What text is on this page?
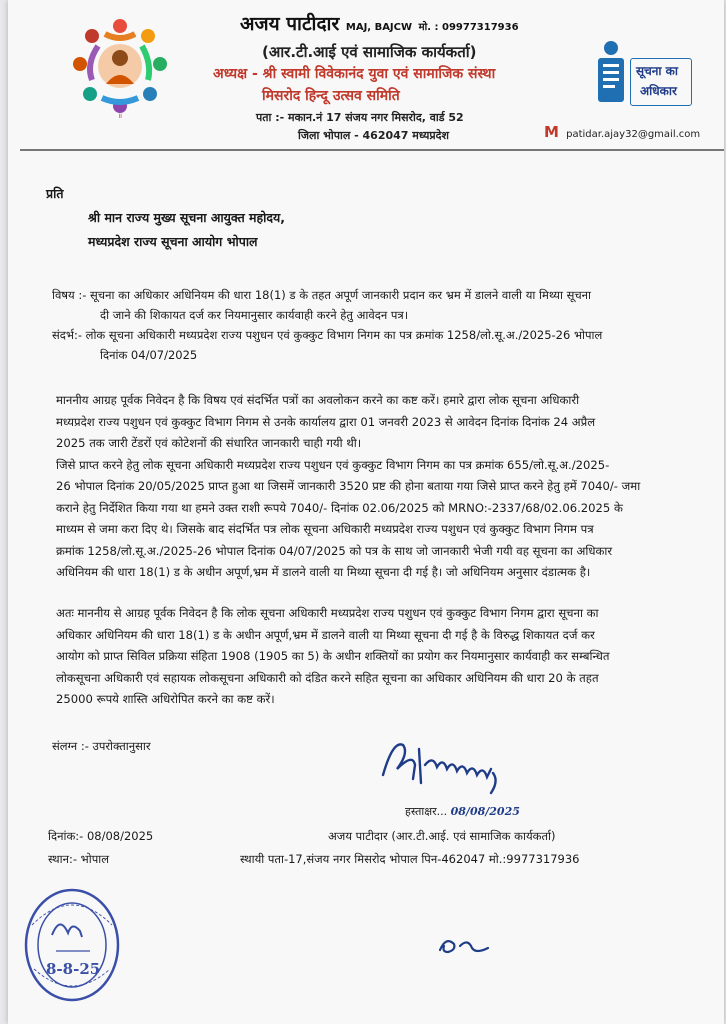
॥
अजय पाटीदार MAJ, BAJCW मो. : 09977317936
(आर.टी.आई एवं सामाजिक कार्यकर्ता)
अध्यक्ष - श्री स्वामी विवेकानंद युवा एवं सामाजिक संस्था
मिसरोद हिन्दू उत्सव समिति
पता :- मकान.नं 17 संजय नगर मिसरोद, वार्ड 52
जिला भोपाल - 462047 मध्यप्रदेश
सूचना का
अधिकार
M patidar.ajay32@gmail.com
प्रति
श्री मान राज्य मुख्य सूचना आयुक्त महोदय,
मध्यप्रदेश राज्य सूचना आयोग भोपाल
विषय :- सूचना का अधिकार अधिनियम की धारा 18(1) ड के तहत अपूर्ण जानकारी प्रदान कर भ्रम में डालने वाली या मिथ्या सूचना
दी जाने की शिकायत दर्ज कर नियमानुसार कार्यवाही करने हेतु आवेदन पत्र।
संदर्भ:- लोक सूचना अधिकारी मध्यप्रदेश राज्य पशुधन एवं कुक्कुट विभाग निगम का पत्र क्रमांक 1258/लो.सू.अ./2025-26 भोपाल
दिनांक 04/07/2025
माननीय आग्रह पूर्वक निवेदन है कि विषय एवं संदर्भित पत्रों का अवलोकन करने का कष्ट करें। हमारे द्वारा लोक सूचना अधिकारी
मध्यप्रदेश राज्य पशुधन एवं कुक्कुट विभाग निगम से उनके कार्यालय द्वारा 01 जनवरी 2023 से आवेदन दिनांक दिनांक 24 अप्रैल
2025 तक जारी टेंडरों एवं कोटेशनों की संधारित जानकारी चाही गयी थी।
जिसे प्राप्त करने हेतु लोक सूचना अधिकारी मध्यप्रदेश राज्य पशुधन एवं कुक्कुट विभाग निगम का पत्र क्रमांक 655/लो.सू.अ./2025-
26 भोपाल दिनांक 20/05/2025 प्राप्त हुआ था जिसमें जानकारी 3520 प्रष्ट की होना बताया गया जिसे प्राप्त करने हेतु हमें 7040/- जमा
कराने हेतु निर्देशित किया गया था हमने उक्त राशी रूपये 7040/- दिनांक 02.06/2025 को MRNO:-2337/68/02.06.2025 के
माध्यम से जमा करा दिए थे। जिसके बाद संदर्भित पत्र लोक सूचना अधिकारी मध्यप्रदेश राज्य पशुधन एवं कुक्कुट विभाग निगम पत्र
क्रमांक 1258/लो.सू.अ./2025-26 भोपाल दिनांक 04/07/2025 को पत्र के साथ जो जानकारी भेजी गयी वह सूचना का अधिकार
अधिनियम की धारा 18(1) ड के अधीन अपूर्ण,भ्रम में डालने वाली या मिथ्या सूचना दी गई है। जो अधिनियम अनुसार दंडात्मक है।
अतः माननीय से आग्रह पूर्वक निवेदन है कि लोक सूचना अधिकारी मध्यप्रदेश राज्य पशुधन एवं कुक्कुट विभाग निगम द्वारा सूचना का
अधिकार अधिनियम की धारा 18(1) ड के अधीन अपूर्ण,भ्रम में डालने वाली या मिथ्या सूचना दी गई है के विरुद्ध शिकायत दर्ज कर
आयोग को प्राप्त सिविल प्रक्रिया संहिता 1908 (1905 का 5) के अधीन शक्तियों का प्रयोग कर नियमानुसार कार्यवाही कर सम्बन्धित
लोकसूचना अधिकारी एवं सहायक लोकसूचना अधिकारी को दंडित करने सहित सूचना का अधिकार अधिनियम की धारा 20 के तहत
25000 रूपये शास्ति अधिरोपित करने का कष्ट करें।
संलग्न :- उपरोक्तानुसार
हस्ताक्षर... 08/08/2025
दिनांक:- 08/08/2025	अजय पाटीदार (आर.टी.आई. एवं सामाजिक कार्यकर्ता)
स्थान:- भोपाल	स्थायी पता-17,संजय नगर मिसरोद भोपाल पिन-462047 मो.:9977317936
8-8-25
